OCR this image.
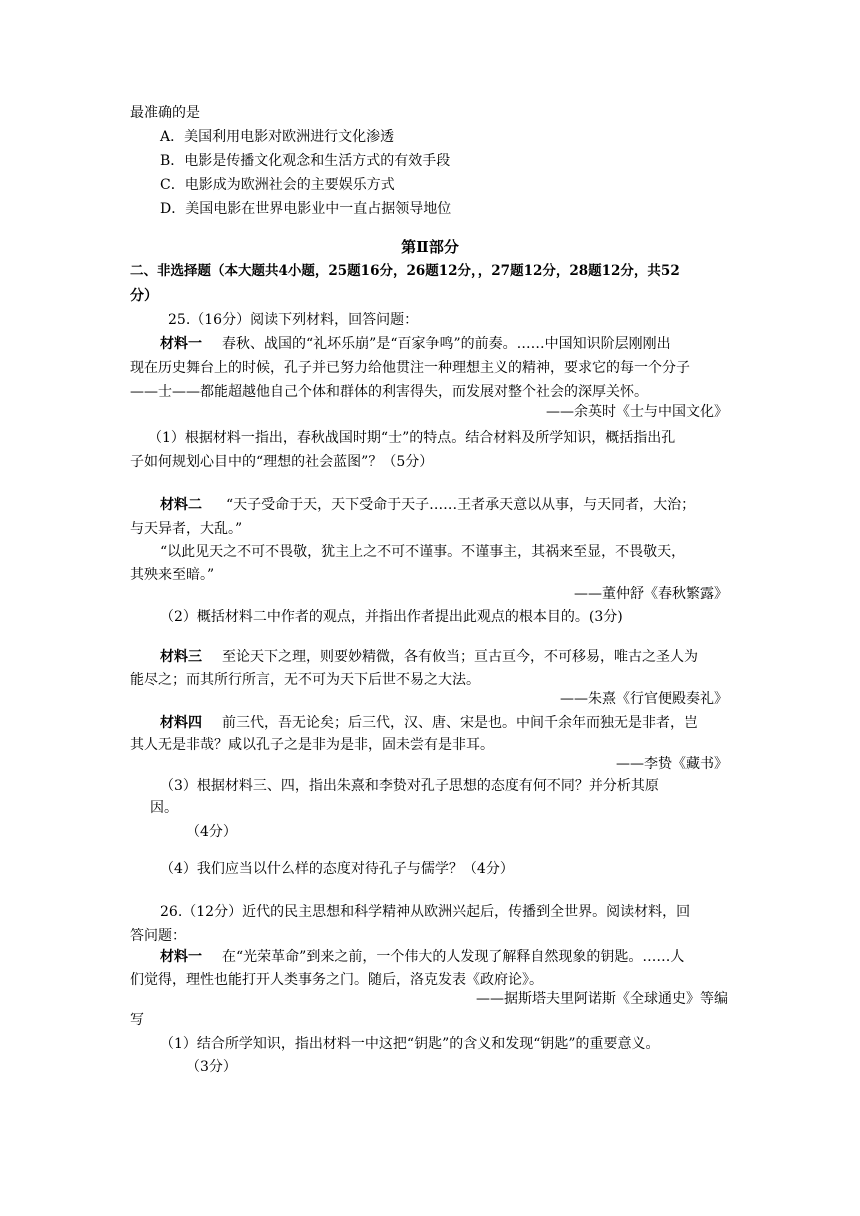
最准确的是
A．美国利用电影对欧洲进行文化渗透
B．电影是传播文化观念和生活方式的有效手段
C．电影成为欧洲社会的主要娱乐方式
D．美国电影在世界电影业中一直占据领导地位
第Ⅱ部分
二、非选择题（本大题共4小题，25题16分，26题12分，，27题12分，28题12分，共52
分）
25.（16分）阅读下列材料，回答问题：
材料一 春秋、战国的“礼坏乐崩”是“百家争鸣”的前奏。……中国知识阶层刚刚出
现在历史舞台上的时候，孔子并已努力给他贯注一种理想主义的精神，要求它的每一个分子
——士——都能超越他自己个体和群体的利害得失，而发展对整个社会的深厚关怀。
——余英时《士与中国文化》
（1）根据材料一指出，春秋战国时期“士”的特点。结合材料及所学知识，概括指出孔
子如何规划心目中的“理想的社会蓝图”？（5分）
材料二 “天子受命于天，天下受命于天子……王者承天意以从事，与天同者，大治；
与天异者，大乱。”
“以此见天之不可不畏敬，犹主上之不可不谨事。不谨事主，其祸来至显，不畏敬天，
其殃来至暗。”
——董仲舒《春秋繁露》
（2）概括材料二中作者的观点，并指出作者提出此观点的根本目的。(3分)
材料三 至论天下之理，则要妙精微，各有攸当；亘古亘今，不可移易，唯古之圣人为
能尽之；而其所行所言，无不可为天下后世不易之大法。
——朱熹《行官便殿奏礼》
材料四 前三代，吾无论矣；后三代，汉、唐、宋是也。中间千余年而独无是非者，岂
其人无是非哉？咸以孔子之是非为是非，固未尝有是非耳。
——李贽《藏书》
（3）根据材料三、四，指出朱熹和李贽对孔子思想的态度有何不同？并分析其原
因。
（4分）
（4）我们应当以什么样的态度对待孔子与儒学？（4分）
26.（12分）近代的民主思想和科学精神从欧洲兴起后，传播到全世界。阅读材料，回
答问题：
材料一 在“光荣革命”到来之前，一个伟大的人发现了解释自然现象的钥匙。……人
们觉得，理性也能打开人类事务之门。随后，洛克发表《政府论》。
——据斯塔夫里阿诺斯《全球通史》等编
写
（1）结合所学知识，指出材料一中这把“钥匙”的含义和发现“钥匙”的重要意义。
（3分）
